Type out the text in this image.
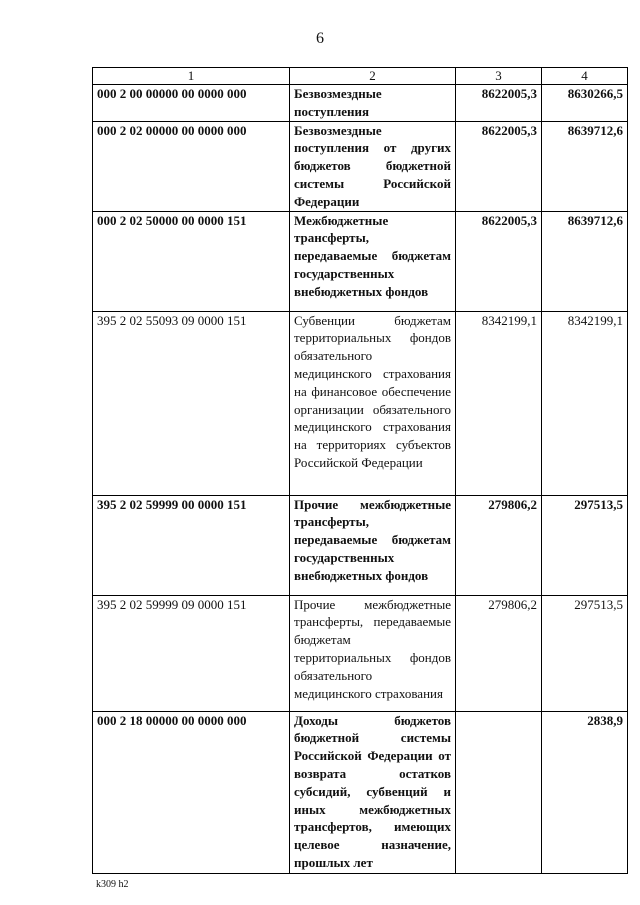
6
1	2	3	4
000 2 00 00000 00 0000 000	Безвозмездные поступления	8622005,3	8630266,5
000 2 02 00000 00 0000 000	Безвозмездные поступления от других бюджетов бюджетной системы Российской Федерации	8622005,3	8639712,6
000 2 02 50000 00 0000 151	Межбюджетные трансферты, передаваемые бюджетам государственных внебюджетных фондов	8622005,3	8639712,6
395 2 02 55093 09 0000 151	Субвенции бюджетам территориальных фондов обязательного медицинского страхования на финансовое обеспечение организации обязательного медицинского страхования на территориях субъектов Российской Федерации	8342199,1	8342199,1
395 2 02 59999 00 0000 151	Прочие межбюджетные трансферты, передаваемые бюджетам государственных внебюджетных фондов	279806,2	297513,5
395 2 02 59999 09 0000 151	Прочие межбюджетные трансферты, передаваемые бюджетам территориальных фондов обязательного медицинского страхования	279806,2	297513,5
000 2 18 00000 00 0000 000	Доходы бюджетов бюджетной системы Российской Федерации от возврата остатков субсидий, субвенций и иных межбюджетных трансфертов, имеющих целевое назначение, прошлых лет		2838,9
k309 h2
